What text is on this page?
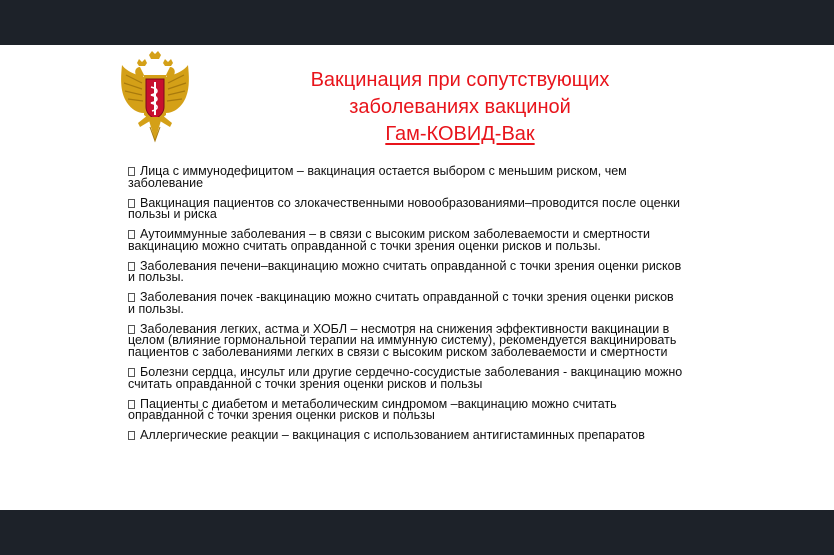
Вакцинация при сопутствующих
заболеваниях вакциной
Гам-КОВИД-Вак
Лица с иммунодефицитом – вакцинация остается выбором с меньшим риском, чем
заболевание
Вакцинация пациентов со злокачественными новообразованиями–проводится после оценки
пользы и риска
Аутоиммунные заболевания – в связи с высоким риском заболеваемости и смертности
вакцинацию можно считать оправданной с точки зрения оценки рисков и пользы.
Заболевания печени–вакцинацию можно считать оправданной с точки зрения оценки рисков
и пользы.
Заболевания почек -вакцинацию можно считать оправданной с точки зрения оценки рисков
и пользы.
Заболевания легких, астма и ХОБЛ – несмотря на снижения эффективности вакцинации в
целом (влияние гормональной терапии на иммунную систему), рекомендуется вакцинировать
пациентов с заболеваниями легких в связи с высоким риском заболеваемости и смертности
Болезни сердца, инсульт или другие сердечно-сосудистые заболевания - вакцинацию можно
считать оправданной с точки зрения оценки рисков и пользы
Пациенты с диабетом и метаболическим синдромом –вакцинацию можно считать
оправданной с точки зрения оценки рисков и пользы
Аллергические реакции – вакцинация с использованием антигистаминных препаратов
